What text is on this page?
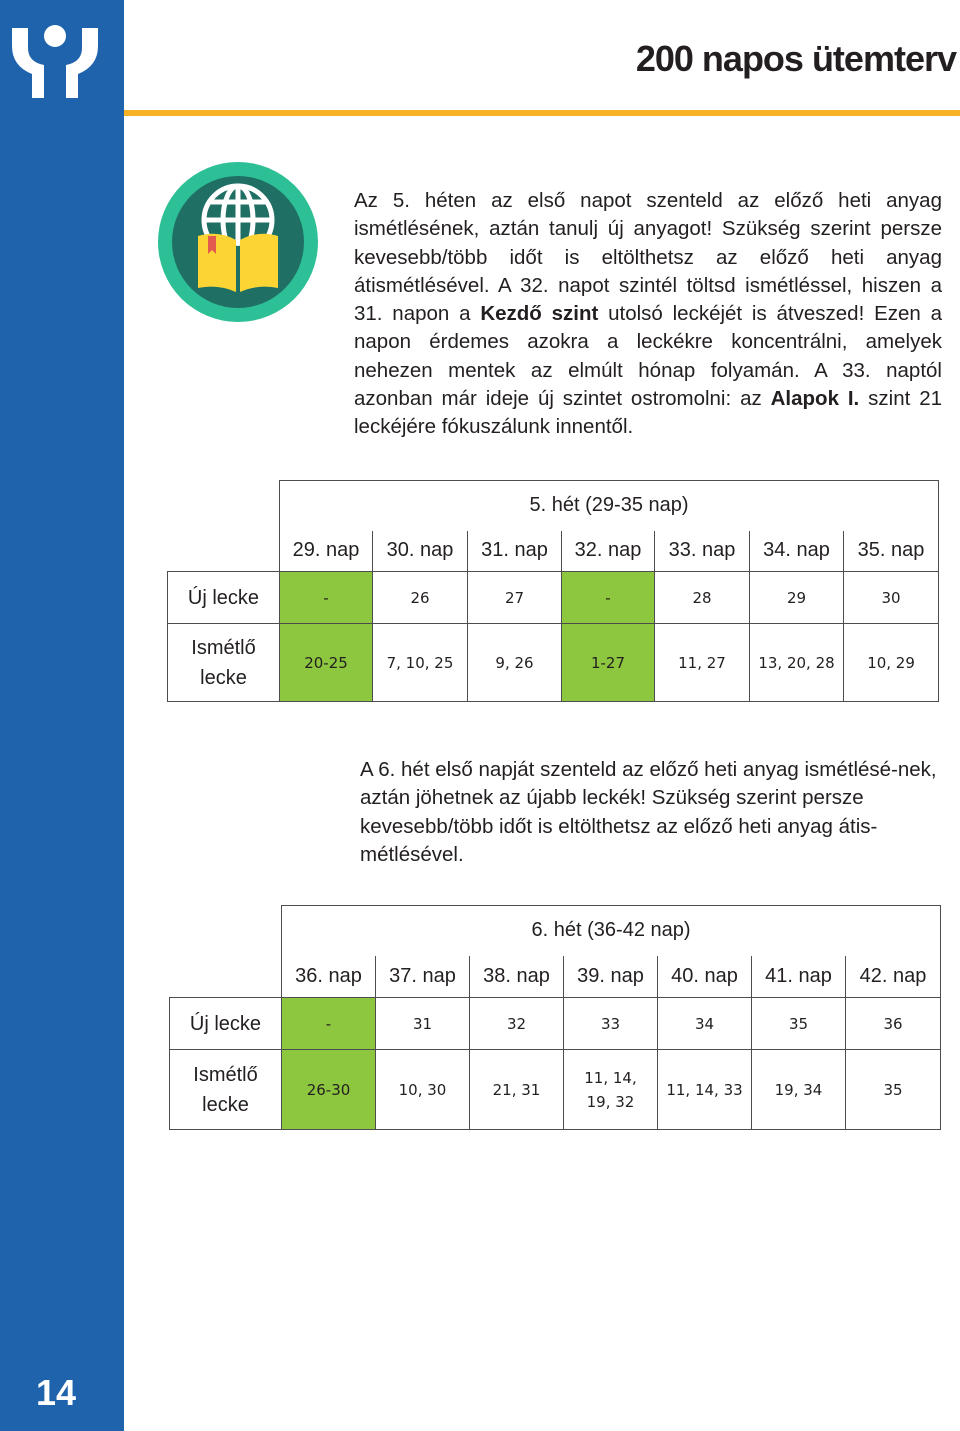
14
200 napos ütemterv
Az 5. héten az első napot szenteld az előző heti anyag ismétlésének, aztán tanulj új anyagot! Szükség szerint persze kevesebb/több időt is eltölthetsz az előző heti anyag átismétlésével. A 32. napot szintél töltsd ismétléssel, hiszen a 31. napon a Kezdő szint utolsó leckéjét is átveszed! Ezen a napon érdemes azokra a leckékre koncentrálni, amelyek nehezen mentek az elmúlt hónap folyamán. A 33. naptól azonban már ideje új szintet ostromolni: az Alapok I. szint 21 leckéjére fókuszálunk innentől.
	5. hét (29-35 nap)						
	29. nap	30. nap	31. nap	32. nap	33. nap	34. nap	35. nap
Új lecke	-	26	27	-	28	29	30
Ismétlő
lecke	20-25	7, 10, 25	9, 26	1-27	11, 27	13, 20, 28	10, 29
A 6. hét első napját szenteld az előző heti anyag ismétlésé-nek, aztán jöhetnek az újabb leckék! Szükség szerint persze kevesebb/több időt is eltölthetsz az előző heti anyag átis-métlésével.
	6. hét (36-42 nap)						
	36. nap	37. nap	38. nap	39. nap	40. nap	41. nap	42. nap
Új lecke	-	31	32	33	34	35	36
Ismétlő
lecke	26-30	10, 30	21, 31	11, 14,
19, 32	11, 14, 33	19, 34	35
